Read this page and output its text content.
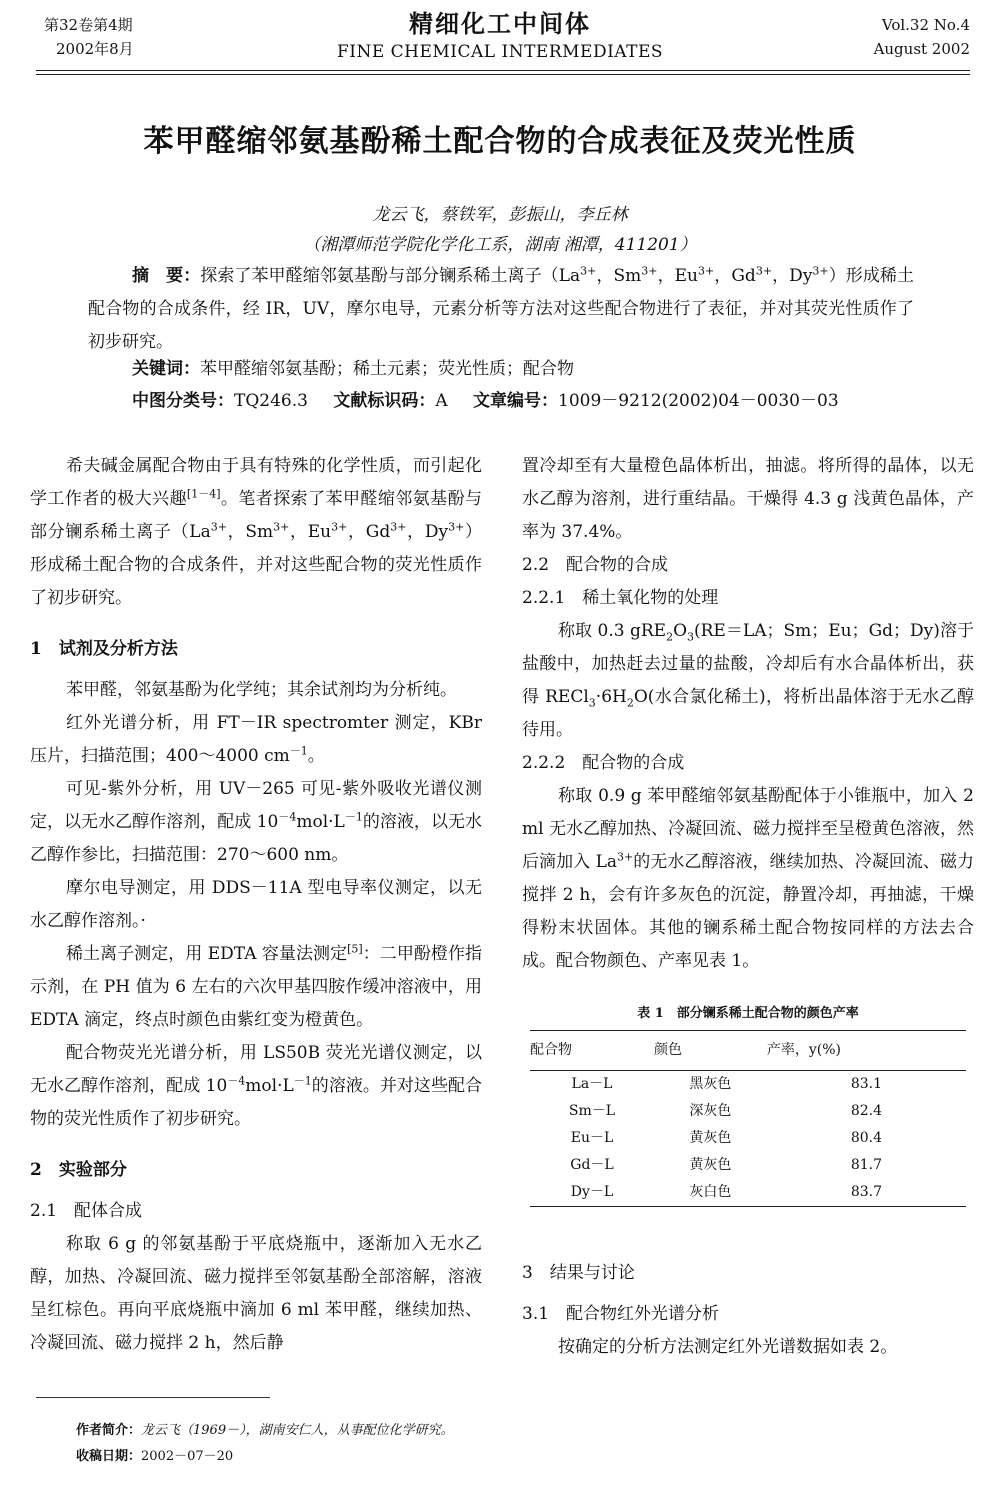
第32卷第4期
2002年8月
精细化工中间体
FINE CHEMICAL INTERMEDIATES
Vol.32 No.4
August 2002
苯甲醛缩邻氨基酚稀土配合物的合成表征及荧光性质
龙云飞，蔡铁军，彭振山，李丘林
（湘潭师范学院化学化工系，湖南 湘潭，411201）
摘　要：探索了苯甲醛缩邻氨基酚与部分镧系稀土离子（$La^{3+}$，$Sm^{3+}$，$Eu^{3+}$，$Gd^{3+}$，$Dy^{3+}$）形成稀土配合物的合成条件，经 IR，UV，摩尔电导，元素分析等方法对这些配合物进行了表征，并对其荧光性质作了初步研究。
关键词：苯甲醛缩邻氨基酚；稀土元素；荧光性质；配合物
中图分类号：TQ246.3 文献标识码：A 文章编号：1009－9212(2002)04－0030－03

希夫碱金属配合物由于具有特殊的化学性质，而引起化学工作者的极大兴趣[1－4]。笔者探索了苯甲醛缩邻氨基酚与部分镧系稀土离子（$La^{3+}$，$Sm^{3+}$，$Eu^{3+}$，$Gd^{3+}$，$Dy^{3+}$）形成稀土配合物的合成条件，并对这些配合物的荧光性质作了初步研究。

1　试剂及分析方法

苯甲醛，邻氨基酚为化学纯；其余试剂均为分析纯。

红外光谱分析，用 FT－IR spectromter 测定，KBr 压片，扫描范围；400～4000 $cm^{-1}$。

可见-紫外分析，用 UV－265 可见-紫外吸收光谱仪测定，以无水乙醇作溶剂，配成 $10^{-4}mol\cdot L^{-1}$的溶液，以无水乙醇作参比，扫描范围：270～600 nm。

摩尔电导测定，用 DDS－11A 型电导率仪测定，以无水乙醇作溶剂。·

稀土离子测定，用 EDTA 容量法测定[5]：二甲酚橙作指示剂，在 PH 值为 6 左右的六次甲基四胺作缓冲溶液中，用 EDTA 滴定，终点时颜色由紫红变为橙黄色。

配合物荧光光谱分析，用 LS50B 荧光光谱仪测定，以无水乙醇作溶剂，配成 $10^{-4}mol\cdot L^{-1}$的溶液。并对这些配合物的荧光性质作了初步研究。

2　实验部分

2.1　配体合成

称取 6 g 的邻氨基酚于平底烧瓶中，逐渐加入无水乙醇，加热、冷凝回流、磁力搅拌至邻氨基酚全部溶解，溶液呈红棕色。再向平底烧瓶中滴加 6 ml 苯甲醛，继续加热、冷凝回流、磁力搅拌 2 h，然后静

置冷却至有大量橙色晶体析出，抽滤。将所得的晶体，以无水乙醇为溶剂，进行重结晶。干燥得 4.3 g 浅黄色晶体，产率为 37.4%。

2.2　配合物的合成

2.2.1　稀土氧化物的处理

称取 0.3 $gRE_2O_3(RE=LA$；Sm；Eu；Gd；Dy)溶于盐酸中，加热赶去过量的盐酸，冷却后有水合晶体析出，获得 $RECl_3\cdot 6H_2O$(水合氯化稀土)，将析出晶体溶于无水乙醇待用。

2.2.2　配合物的合成

称取 0.9 g 苯甲醛缩邻氨基酚配体于小锥瓶中，加入 2 ml 无水乙醇加热、冷凝回流、磁力搅拌至呈橙黄色溶液，然后滴加入 $La^{3+}$的无水乙醇溶液，继续加热、冷凝回流、磁力搅拌 2 h，会有许多灰色的沉淀，静置冷却，再抽滤，干燥得粉末状固体。其他的镧系稀土配合物按同样的方法去合成。配合物颜色、产率见表 1。

表 1　部分镧系稀土配合物的颜色产率
配合物	颜色	产率，y(%)
La－L	黑灰色	83.1
Sm－L	深灰色	82.4
Eu－L	黄灰色	80.4
Gd－L	黄灰色	81.7
Dy－L	灰白色	83.7

3　结果与讨论

3.1　配合物红外光谱分析

按确定的分析方法测定红外光谱数据如表 2。

作者简介：龙云飞（1969－），湖南安仁人，从事配位化学研究。
收稿日期：2002－07－20
